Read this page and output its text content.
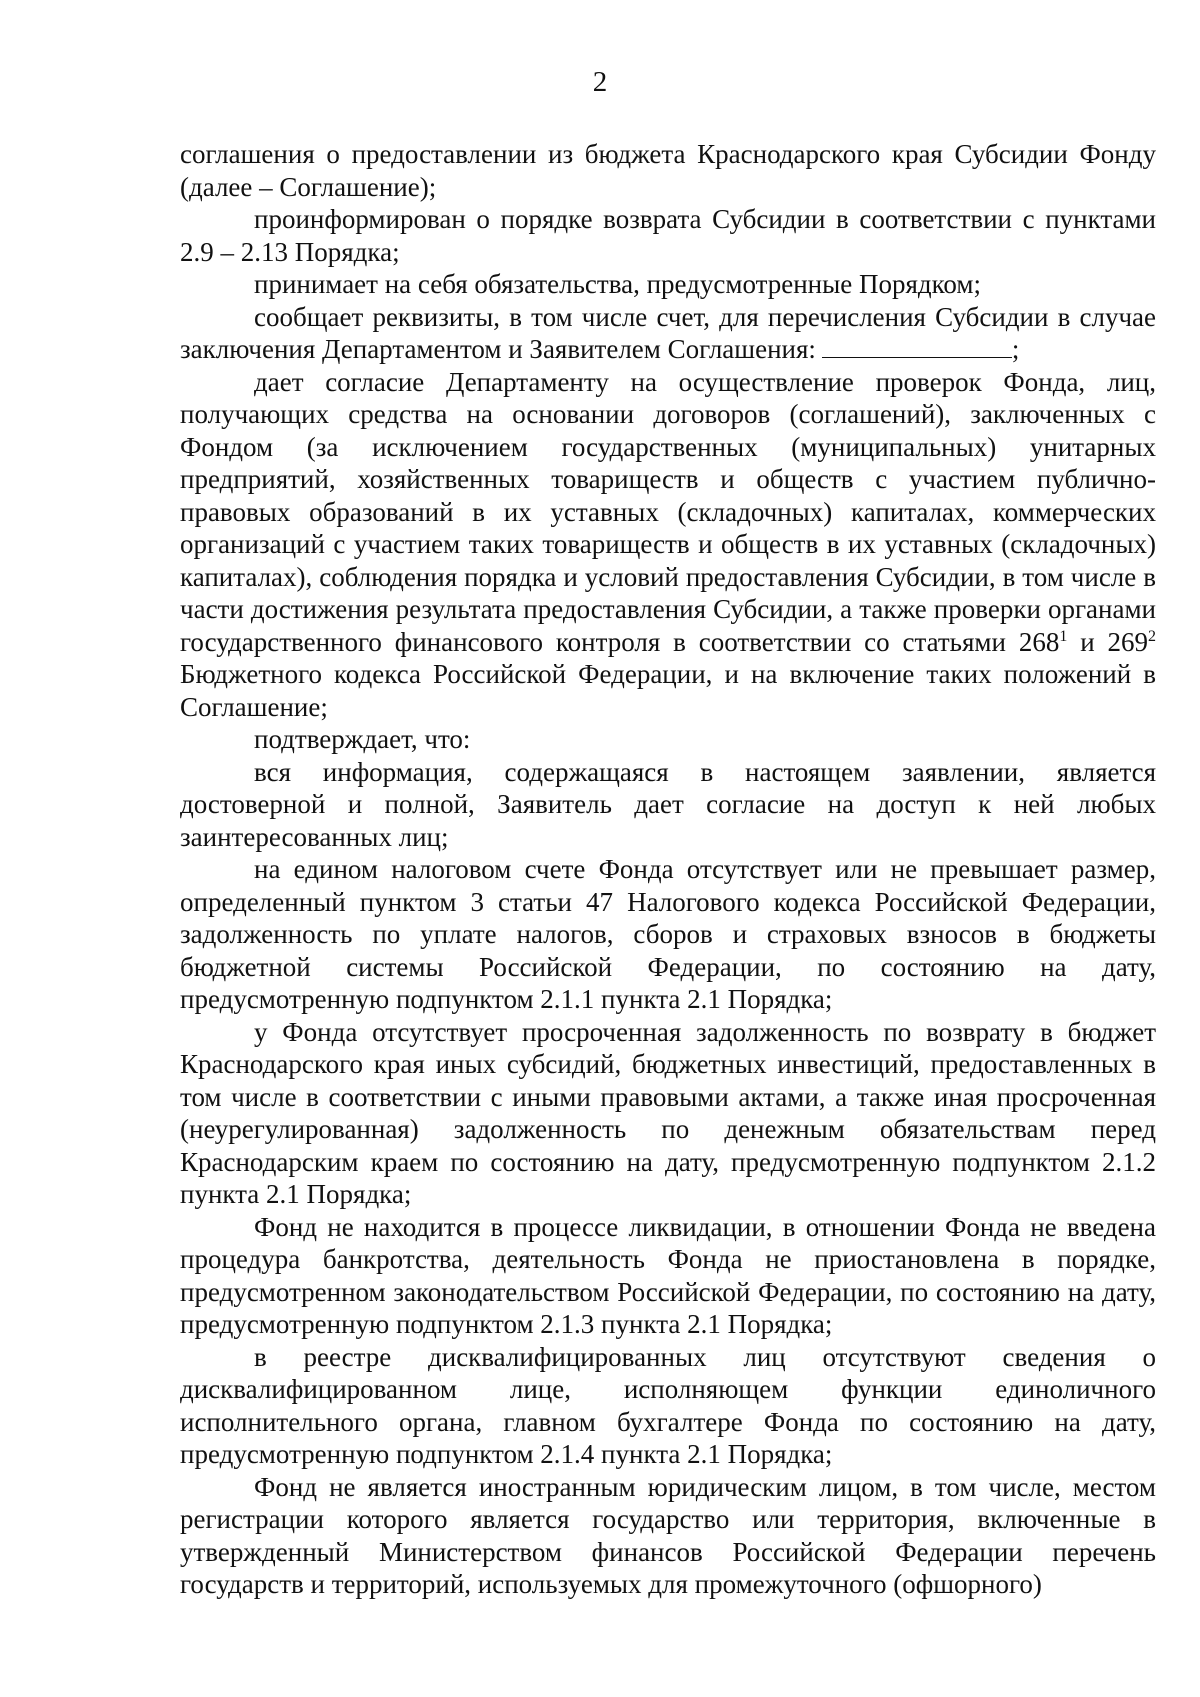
2

соглашения о предоставлении из бюджета Краснодарского края Субсидии Фонду (далее – Соглашение);

проинформирован о порядке возврата Субсидии в соответствии с пунктами 2.9 – 2.13 Порядка;

принимает на себя обязательства, предусмотренные Порядком;

сообщает реквизиты, в том числе счет, для перечисления Субсидии в случае заключения Департаментом и Заявителем Соглашения:	;

дает согласие Департаменту на осуществление проверок Фонда, лиц, получающих средства на основании договоров (соглашений), заключенных с Фондом (за исключением государственных (муниципальных) унитарных предприятий, хозяйственных товариществ и обществ с участием публично-правовых образований в их уставных (складочных) капиталах, коммерческих организаций с участием таких товариществ и обществ в их уставных (складочных) капиталах), соблюдения порядка и условий предоставления Субсидии, в том числе в части достижения результата предоставления Субсидии, а также проверки органами государственного финансового контроля в соответствии со статьями $268^1$ и $269^2$ Бюджетного кодекса Российской Федерации, и на включение таких положений в Соглашение;

подтверждает, что:

вся информация, содержащаяся в настоящем заявлении, является достоверной и полной, Заявитель дает согласие на доступ к ней любых заинтересованных лиц;

на едином налоговом счете Фонда отсутствует или не превышает размер, определенный пунктом 3 статьи 47 Налогового кодекса Российской Федерации, задолженность по уплате налогов, сборов и страховых взносов в бюджеты бюджетной системы Российской Федерации, по состоянию на дату, предусмотренную подпунктом 2.1.1 пункта 2.1 Порядка;

у Фонда отсутствует просроченная задолженность по возврату в бюджет Краснодарского края иных субсидий, бюджетных инвестиций, предоставленных в том числе в соответствии с иными правовыми актами, а также иная просроченная (неурегулированная) задолженность по денежным обязательствам перед Краснодарским краем по состоянию на дату, предусмотренную подпунктом 2.1.2 пункта 2.1 Порядка;

Фонд не находится в процессе ликвидации, в отношении Фонда не введена процедура банкротства, деятельность Фонда не приостановлена в порядке, предусмотренном законодательством Российской Федерации, по состоянию на дату, предусмотренную подпунктом 2.1.3 пункта 2.1 Порядка;

в реестре дисквалифицированных лиц отсутствуют сведения о дисквалифицированном лице, исполняющем функции единоличного исполнительного органа, главном бухгалтере Фонда по состоянию на дату, предусмотренную подпунктом 2.1.4 пункта 2.1 Порядка;

Фонд не является иностранным юридическим лицом, в том числе, местом регистрации которого является государство или территория, включенные в утвержденный Министерством финансов Российской Федерации перечень государств и территорий, используемых для промежуточного (офшорного)
